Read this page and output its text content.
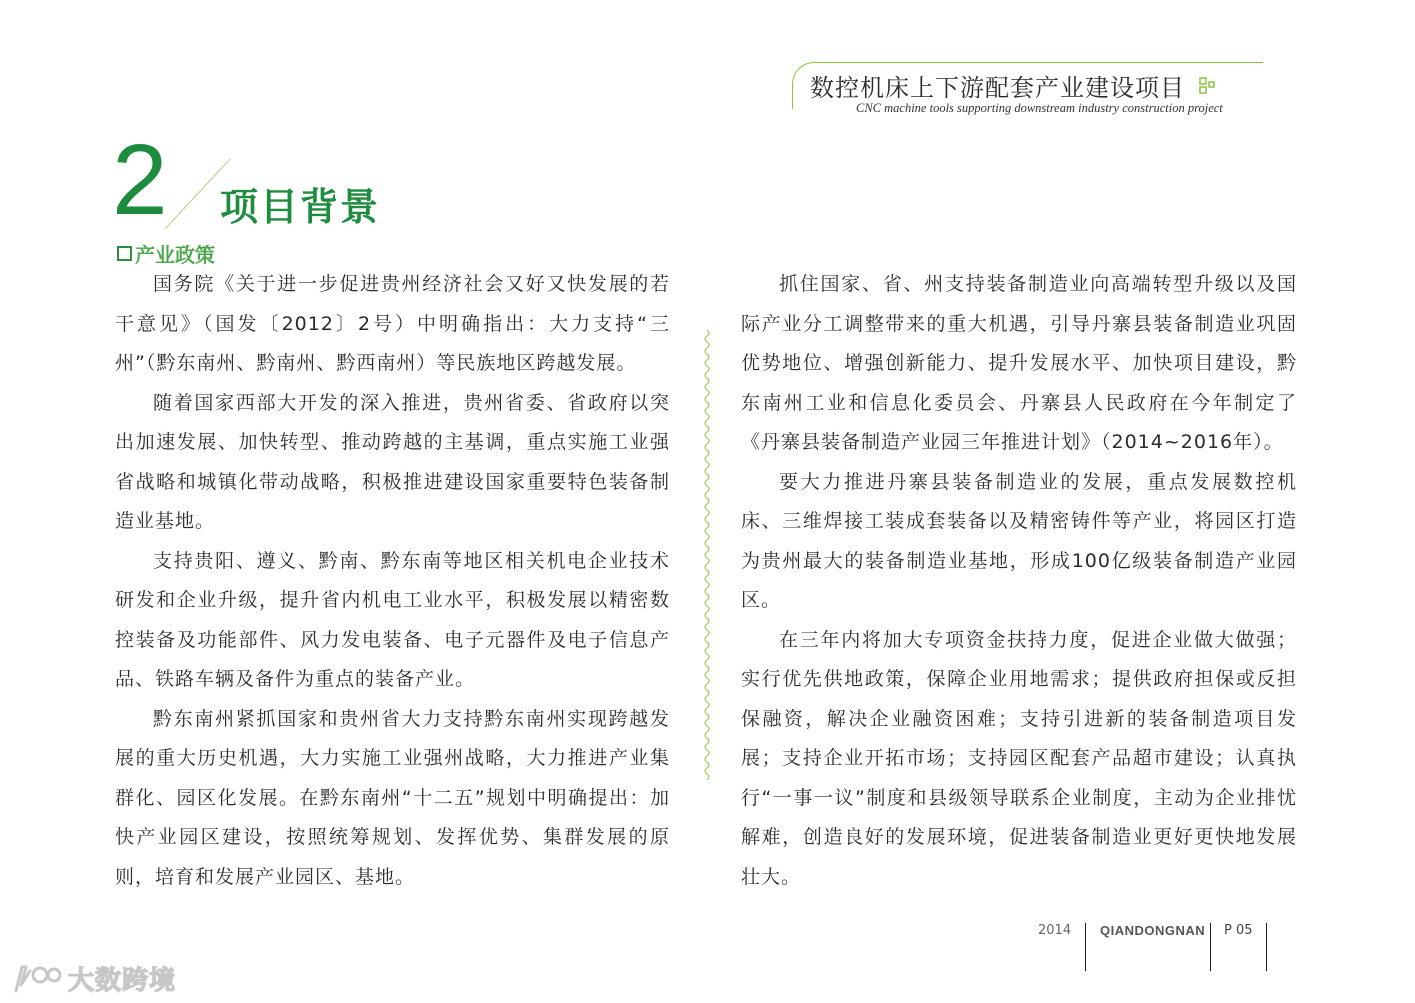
数控机床上下游配套产业建设项目
CNC machine tools supporting downstream industry construction project
2 项目背景
产业政策

国务院《关于进一步促进贵州经济社会又好又快发展的若干意见》（国发〔2012〕2号）中明确指出：大力支持“三州”（黔东南州、黔南州、黔西南州）等民族地区跨越发展。

随着国家西部大开发的深入推进，贵州省委、省政府以突出加速发展、加快转型、推动跨越的主基调，重点实施工业强省战略和城镇化带动战略，积极推进建设国家重要特色装备制造业基地。

支持贵阳、遵义、黔南、黔东南等地区相关机电企业技术研发和企业升级，提升省内机电工业水平，积极发展以精密数控装备及功能部件、风力发电装备、电子元器件及电子信息产品、铁路车辆及备件为重点的装备产业。

黔东南州紧抓国家和贵州省大力支持黔东南州实现跨越发展的重大历史机遇，大力实施工业强州战略，大力推进产业集群化、园区化发展。在黔东南州“十二五”规划中明确提出：加快产业园区建设，按照统筹规划、发挥优势、集群发展的原则，培育和发展产业园区、基地。

抓住国家、省、州支持装备制造业向高端转型升级以及国际产业分工调整带来的重大机遇，引导丹寨县装备制造业巩固优势地位、增强创新能力、提升发展水平、加快项目建设，黔东南州工业和信息化委员会、丹寨县人民政府在今年制定了《丹寨县装备制造产业园三年推进计划》（2014~2016年）。

要大力推进丹寨县装备制造业的发展，重点发展数控机床、三维焊接工装成套装备以及精密铸件等产业，将园区打造为贵州最大的装备制造业基地，形成100亿级装备制造产业园区。

在三年内将加大专项资金扶持力度，促进企业做大做强；实行优先供地政策，保障企业用地需求；提供政府担保或反担保融资，解决企业融资困难；支持引进新的装备制造项目发展；支持企业开拓市场；支持园区配套产品超市建设；认真执行“一事一议”制度和县级领导联系企业制度，主动为企业排忧解难，创造良好的发展环境，促进装备制造业更好更快地发展壮大。

2014 QIANDONGNAN P 05
大数跨境
